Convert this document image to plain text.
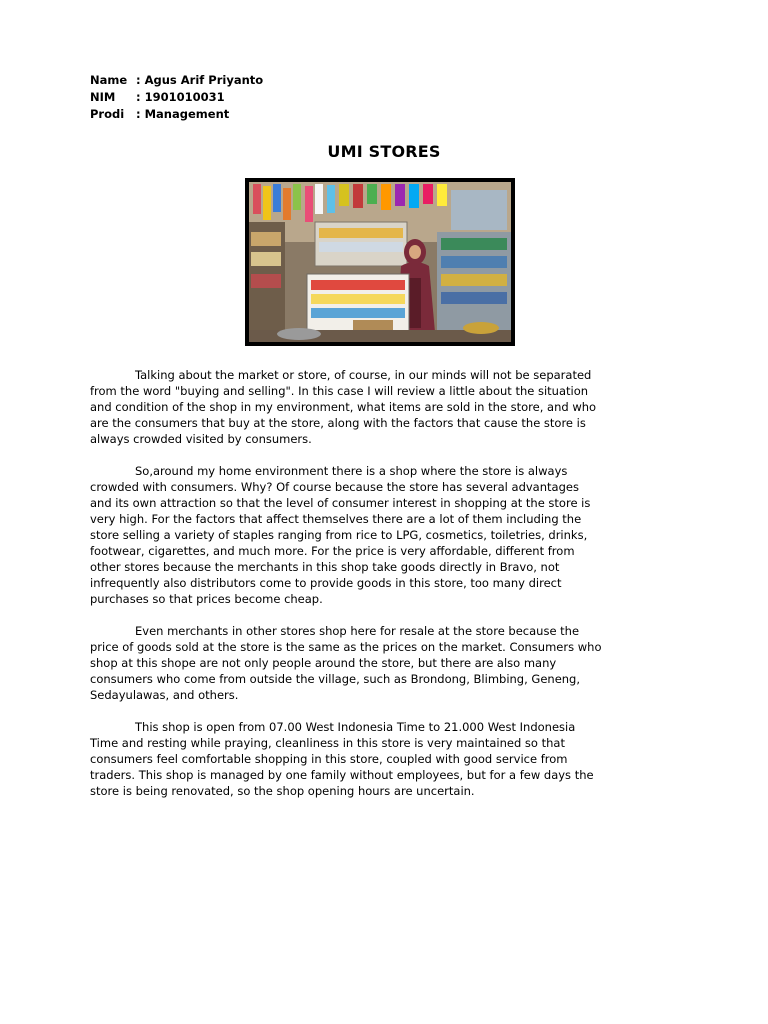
Name : Agus Arif Priyanto
NIM	: 1901010031
Prodi	: Management
UMI STORES

Talking about the market or store, of course, in our minds will not be separated
from the word "buying and selling". In this case I will review a little about the situation
and condition of the shop in my environment, what items are sold in the store, and who
are the consumers that buy at the store, along with the factors that cause the store is
always crowded visited by consumers.

So,around my home environment there is a shop where the store is always
crowded with consumers. Why? Of course because the store has several advantages
and its own attraction so that the level of consumer interest in shopping at the store is
very high. For the factors that affect themselves there are a lot of them including the
store selling a variety of staples ranging from rice to LPG, cosmetics, toiletries, drinks,
footwear, cigarettes, and much more. For the price is very affordable, different from
other stores because the merchants in this shop take goods directly in Bravo, not
infrequently also distributors come to provide goods in this store, too many direct
purchases so that prices become cheap.

Even merchants in other stores shop here for resale at the store because the
price of goods sold at the store is the same as the prices on the market. Consumers who
shop at this shope are not only people around the store, but there are also many
consumers who come from outside the village, such as Brondong, Blimbing, Geneng,
Sedayulawas, and others.

This shop is open from 07.00 West Indonesia Time to 21.000 West Indonesia
Time and resting while praying, cleanliness in this store is very maintained so that
consumers feel comfortable shopping in this store, coupled with good service from
traders. This shop is managed by one family without employees, but for a few days the
store is being renovated, so the shop opening hours are uncertain.
